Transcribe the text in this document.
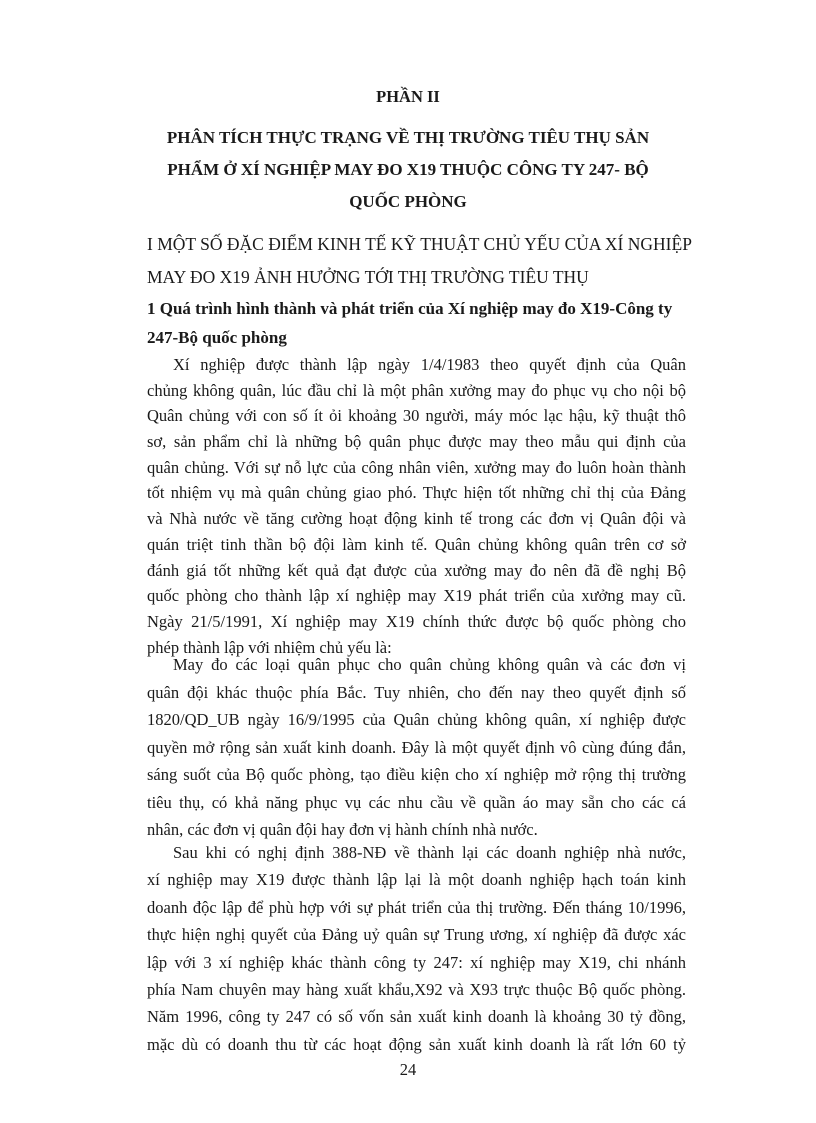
PHẦN II
PHÂN TÍCH THỰC TRẠNG VỀ THỊ TRƯỜNG TIÊU THỤ SẢN
PHẨM Ở XÍ NGHIỆP MAY ĐO X19 THUỘC CÔNG TY 247- BỘ
QUỐC PHÒNG
I MỘT SỐ ĐẶC ĐIỂM KINH TẾ KỸ THUẬT CHỦ YẾU CỦA XÍ NGHIỆP
MAY ĐO X19 ẢNH HƯỞNG TỚI THỊ TRƯỜNG TIÊU THỤ
1 Quá trình hình thành và phát triển của Xí nghiệp may đo X19-Công ty
247-Bộ quốc phòng
Xí nghiệp được thành lập ngày 1/4/1983 theo quyết định của Quân
chủng không quân, lúc đầu chỉ là một phân xưởng may đo phục vụ cho nội bộ
Quân chủng với con số ít ỏi khoảng 30 người, máy móc lạc hậu, kỹ thuật thô
sơ, sản phẩm chỉ là những bộ quân phục được may theo mẫu qui định của
quân chủng. Với sự nỗ lực của công nhân viên, xưởng may đo luôn hoàn thành
tốt nhiệm vụ mà quân chủng giao phó. Thực hiện tốt những chỉ thị của Đảng
và Nhà nước về tăng cường hoạt động kinh tế trong các đơn vị Quân đội và
quán triệt tinh thần bộ đội làm kinh tế. Quân chủng không quân trên cơ sở
đánh giá tốt những kết quả đạt được của xưởng may đo nên đã đề nghị Bộ
quốc phòng cho thành lập xí nghiệp may X19 phát triển của xưởng may cũ.
Ngày 21/5/1991, Xí nghiệp may X19 chính thức được bộ quốc phòng cho
phép thành lập với nhiệm chủ yếu là:
May đo các loại quân phục cho quân chủng không quân và các đơn vị
quân đội khác thuộc phía Bắc. Tuy nhiên, cho đến nay theo quyết định số
1820/QD_UB ngày 16/9/1995 của Quân chủng không quân, xí nghiệp được
quyền mở rộng sản xuất kinh doanh. Đây là một quyết định vô cùng đúng đắn,
sáng suốt của Bộ quốc phòng, tạo điều kiện cho xí nghiệp mở rộng thị trường
tiêu thụ, có khả năng phục vụ các nhu cầu về quần áo may sẵn cho các cá
nhân, các đơn vị quân đội hay đơn vị hành chính nhà nước.
Sau khi có nghị định 388-NĐ về thành lại các doanh nghiệp nhà nước,
xí nghiệp may X19 được thành lập lại là một doanh nghiệp hạch toán kinh
doanh độc lập để phù hợp với sự phát triển của thị trường. Đến tháng 10/1996,
thực hiện nghị quyết của Đảng uỷ quân sự Trung ương, xí nghiệp đã được xác
lập với 3 xí nghiệp khác thành công ty 247: xí nghiệp may X19, chi nhánh
phía Nam chuyên may hàng xuất khẩu,X92 và X93 trực thuộc Bộ quốc phòng.
Năm 1996, công ty 247 có số vốn sản xuất kinh doanh là khoảng 30 tỷ đồng,
mặc dù có doanh thu từ các hoạt động sản xuất kinh doanh là rất lớn 60 tỷ
24
